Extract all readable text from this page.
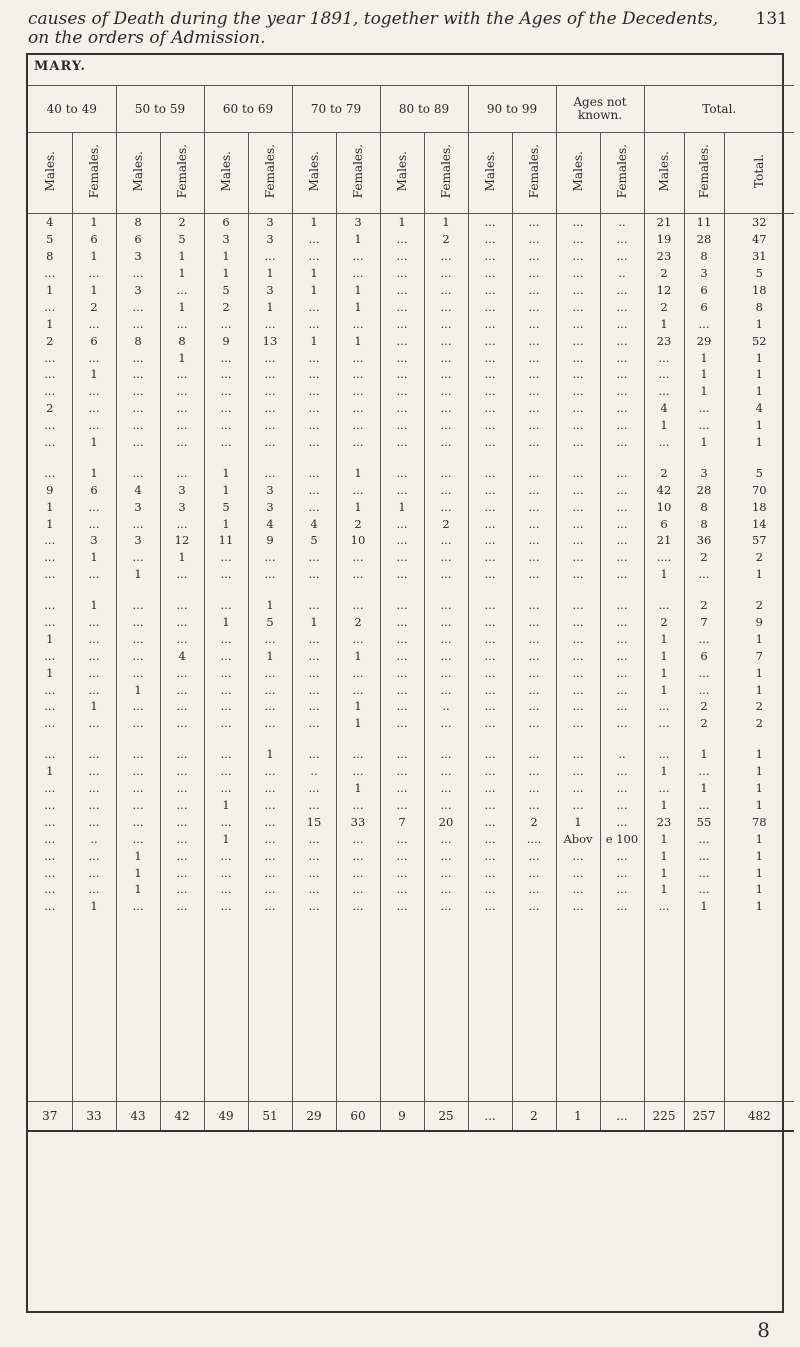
causes of Death during the year 1891, together with the Ages of the Decedents,
on the orders of Admission.
131
MARY.
40 to 49		50 to 59		60 to 69		70 to 79		80 to 89		90 to 99		Ages not known.		Total.		
Males.	Females.	Males.	Females.	Males.	Females.	Males.	Females.	Males.	Females.	Males.	Females.	Males.	Females.	Males.	Females.	Total.
4	1	8	2	6	3	1	3	1	1	...	...	...	..	21	11	32
5	6	6	5	3	3	...	1	...	2	...	...	...	...	19	28	47
8	1	3	1	1	...	...	...	...	...	...	...	...	...	23	8	31
...	...	...	1	1	1	1	...	...	...	...	...	...	..	2	3	5
1	1	3	...	5	3	1	1	...	...	...	...	...	...	12	6	18
...	2	...	1	2	1	...	1	...	...	...	...	...	...	2	6	8
1	...	...	...	...	...	...	...	...	...	...	...	...	...	1	...	1
2	6	8	8	9	13	1	1	...	...	...	...	...	...	23	29	52
...	...	...	1	...	...	...	...	...	...	...	...	...	...	...	1	1
...	1	...	...	...	...	...	...	...	...	...	...	...	...	...	1	1
...	...	...	...	...	...	...	...	...	...	...	...	...	...	...	1	1
2	...	...	...	...	...	...	...	...	...	...	...	...	...	4	...	4
...	...	...	...	...	...	...	...	...	...	...	...	...	...	1	...	1
...	1	...	...	...	...	...	...	...	...	...	...	...	...	...	1	1

...	1	...	...	1	...	...	1	...	...	...	...	...	...	2	3	5
9	6	4	3	1	3	...	...	...	...	...	...	...	...	42	28	70
1	...	3	3	5	3	...	1	1	...	...	...	...	...	10	8	18
1	...	...	...	1	4	4	2	...	2	...	...	...	...	6	8	14
...	3	3	12	11	9	5	10	...	...	...	...	...	...	21	36	57
...	1	...	1	...	...	...	...	...	...	...	...	...	...	....	2	2
...	...	1	...	...	...	...	...	...	...	...	...	...	...	1	...	1

...	1	...	...	...	1	...	...	...	...	...	...	...	...	...	2	2
...	...	...	...	1	5	1	2	...	...	...	...	...	...	2	7	9
1	...	...	...	...	...	...	...	...	...	...	...	...	...	1	...	1
...	...	...	4	...	1	...	1	...	...	...	...	...	...	1	6	7
1	...	...	...	...	...	...	...	...	...	...	...	...	...	1	...	1
...	...	1	...	...	...	...	...	...	...	...	...	...	...	1	...	1
...	1	...	...	...	...	...	1	...	..	...	...	...	...	...	2	2
...	...	...	...	...	...	...	1	...	...	...	...	...	...	...	2	2

...	...	...	...	...	1	...	...	...	...	...	...	...	..	...	1	1
1	...	...	...	...	...	..	...	...	...	...	...	...	...	1	...	1
...	...	...	...	...	...	...	1	...	...	...	...	...	...	...	1	1
...	...	...	...	1	...	...	...	...	...	...	...	...	...	1	...	1
...	...	...	...	...	...	15	33	7	20	...	2	1	...	23	55	78
...	..	...	...	1	...	...	...	...	...	...	....	Abov	e 100	1	...	1
...	...	1	...	...	...	...	...	...	...	...	...	...	...	1	...	1
...	...	1	...	...	...	...	...	...	...	...	...	...	...	1	...	1
...	...	1	...	...	...	...	...	...	...	...	...	...	...	1	...	1
...	1	...	...	...	...	...	...	...	...	...	...	...	...	...	1	1

37	33	43	42	49	51	29	60	9	25	...	2	1	...	225	257	482
8
